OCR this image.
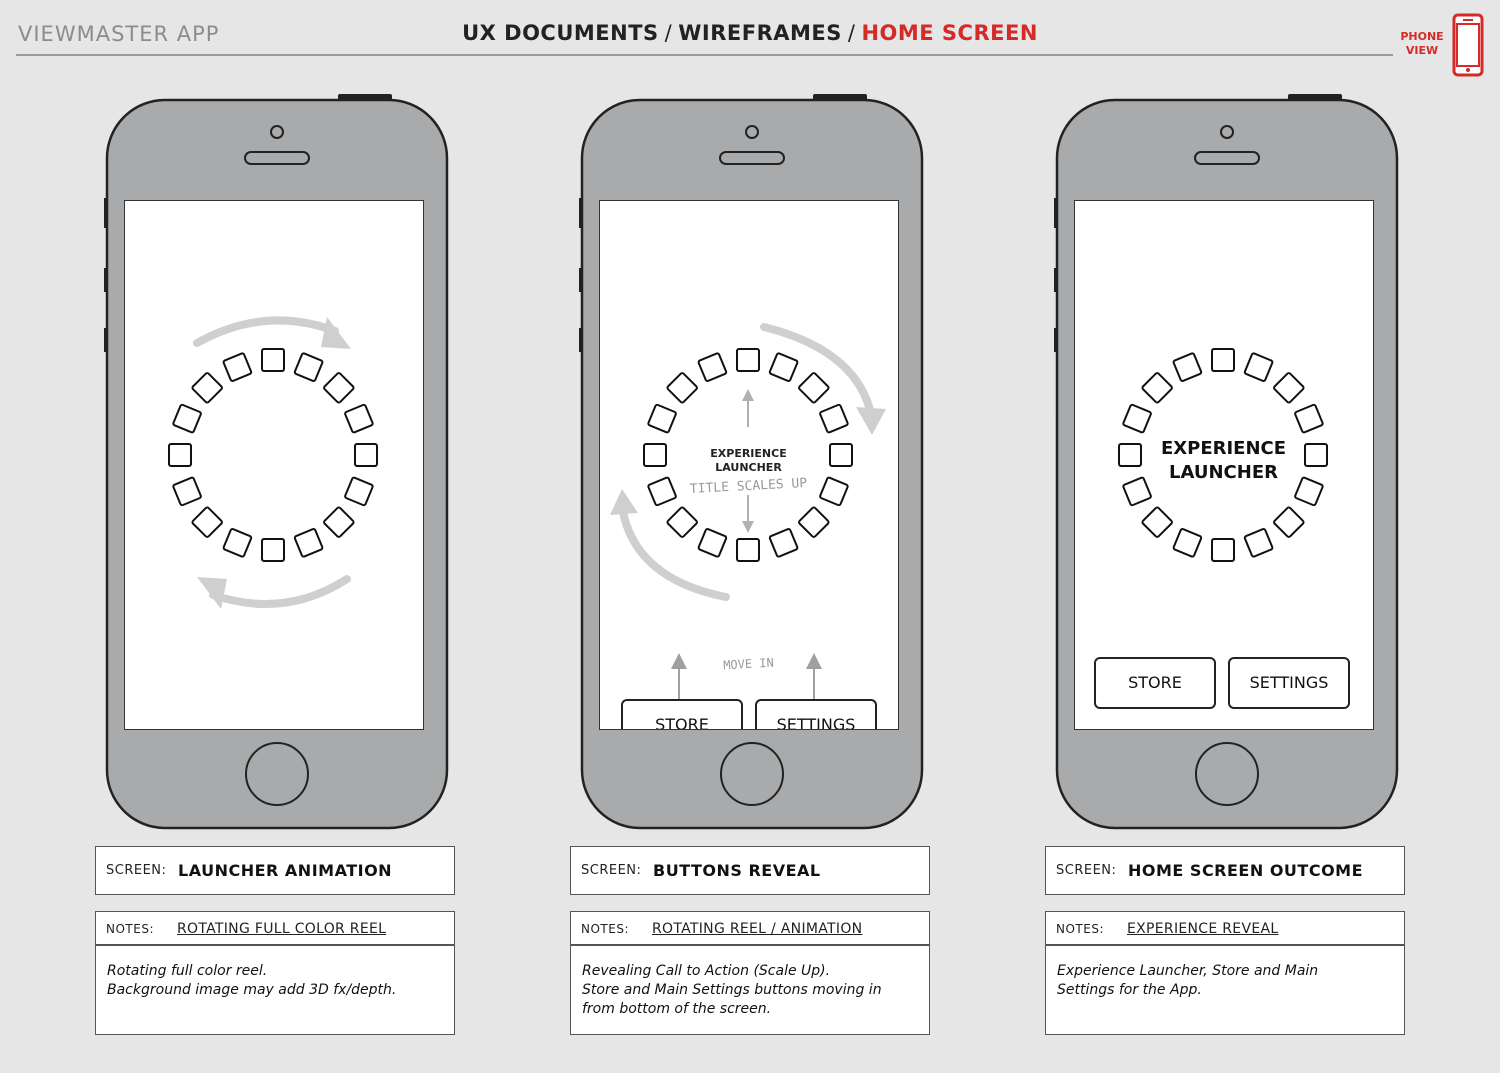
VIEWMASTER APP	UX DOCUMENTS / WIREFRAMES / HOME SCREEN	PHONE
VIEW
EXPERIENCE
LAUNCHER
TITLE SCALES UP
MOVE IN
STORE	SETTINGS
EXPERIENCE
LAUNCHER
STORE	SETTINGS
SCREEN: LAUNCHER ANIMATION
NOTES: ROTATING FULL COLOR REEL
Rotating full color reel.
Background image may add 3D fx/depth.
SCREEN: BUTTONS REVEAL
NOTES: ROTATING REEL / ANIMATION
Revealing Call to Action (Scale Up).
Store and Main Settings buttons moving in
from bottom of the screen.
SCREEN: HOME SCREEN OUTCOME
NOTES: EXPERIENCE REVEAL
Experience Launcher, Store and Main
Settings for the App.
